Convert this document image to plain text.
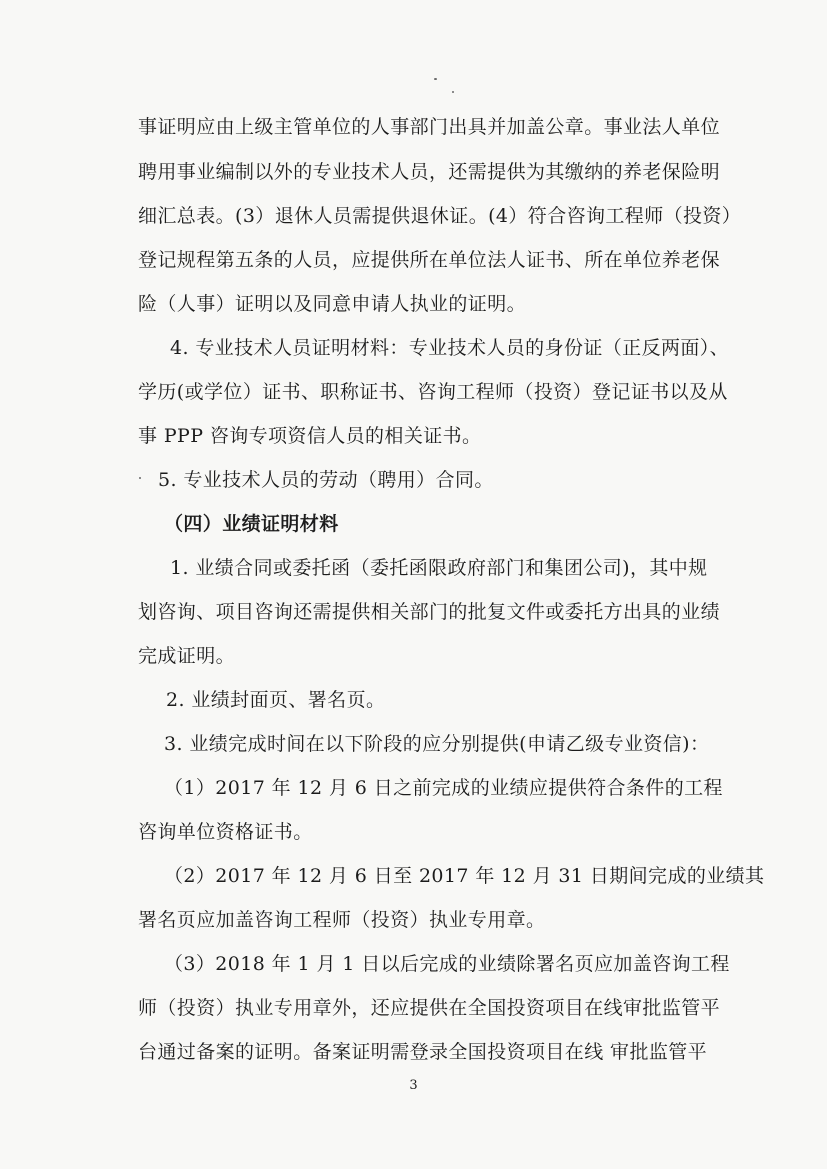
事证明应由上级主管单位的人事部门出具并加盖公章。事业法人单位
聘用事业编制以外的专业技术人员，还需提供为其缴纳的养老保险明
细汇总表。(3）退休人员需提供退休证。(4）符合咨询工程师（投资）
登记规程第五条的人员，应提供所在单位法人证书、所在单位养老保
险（人事）证明以及同意申请人执业的证明。
4. 专业技术人员证明材料：专业技术人员的身份证（正反两面）、
学历(或学位）证书、职称证书、咨询工程师（投资）登记证书以及从
事 PPP 咨询专项资信人员的相关证书。
5. 专业技术人员的劳动（聘用）合同。
（四）业绩证明材料
1. 业绩合同或委托函（委托函限政府部门和集团公司)，其中规
划咨询、项目咨询还需提供相关部门的批复文件或委托方出具的业绩
完成证明。
2. 业绩封面页、署名页。
3. 业绩完成时间在以下阶段的应分别提供(申请乙级专业资信)：
（1）2017 年 12 月 6 日之前完成的业绩应提供符合条件的工程
咨询单位资格证书。
（2）2017 年 12 月 6 日至 2017 年 12 月 31 日期间完成的业绩其
署名页应加盖咨询工程师（投资）执业专用章。
（3）2018 年 1 月 1 日以后完成的业绩除署名页应加盖咨询工程
师（投资）执业专用章外，还应提供在全国投资项目在线审批监管平
台通过备案的证明。备案证明需登录全国投资项目在线 审批监管平
3
